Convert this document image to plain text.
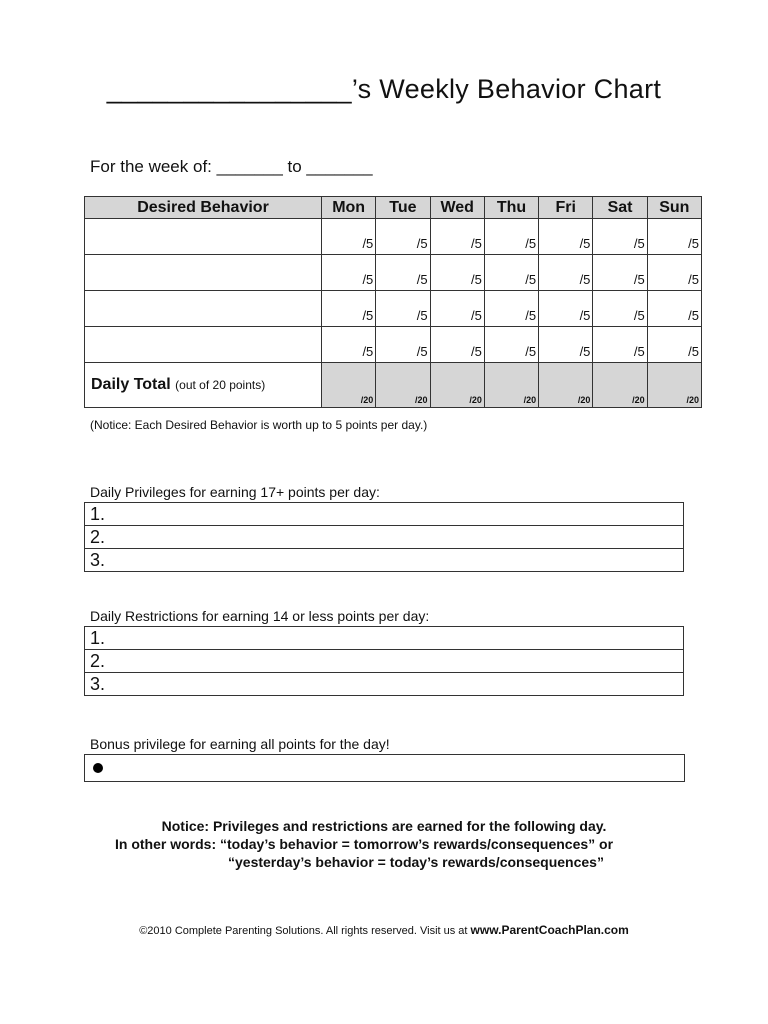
________________’s Weekly Behavior Chart
For the week of: _______ to _______
Desired Behavior	Mon	Tue	Wed	Thu	Fri	Sat	Sun
	/5	/5	/5	/5	/5	/5	/5
	/5	/5	/5	/5	/5	/5	/5
	/5	/5	/5	/5	/5	/5	/5
	/5	/5	/5	/5	/5	/5	/5
Daily Total (out of 20 points)	/20	/20	/20	/20	/20	/20	/20
(Notice: Each Desired Behavior is worth up to 5 points per day.)
Daily Privileges for earning 17+ points per day:
1.
2.
3.
Daily Restrictions for earning 14 or less points per day:
1.
2.
3.
Bonus privilege for earning all points for the day!
Notice: Privileges and restrictions are earned for the following day.
In other words: “today’s behavior = tomorrow’s rewards/consequences” or
“yesterday’s behavior = today’s rewards/consequences”
©2010 Complete Parenting Solutions. All rights reserved. Visit us at www.ParentCoachPlan.com
